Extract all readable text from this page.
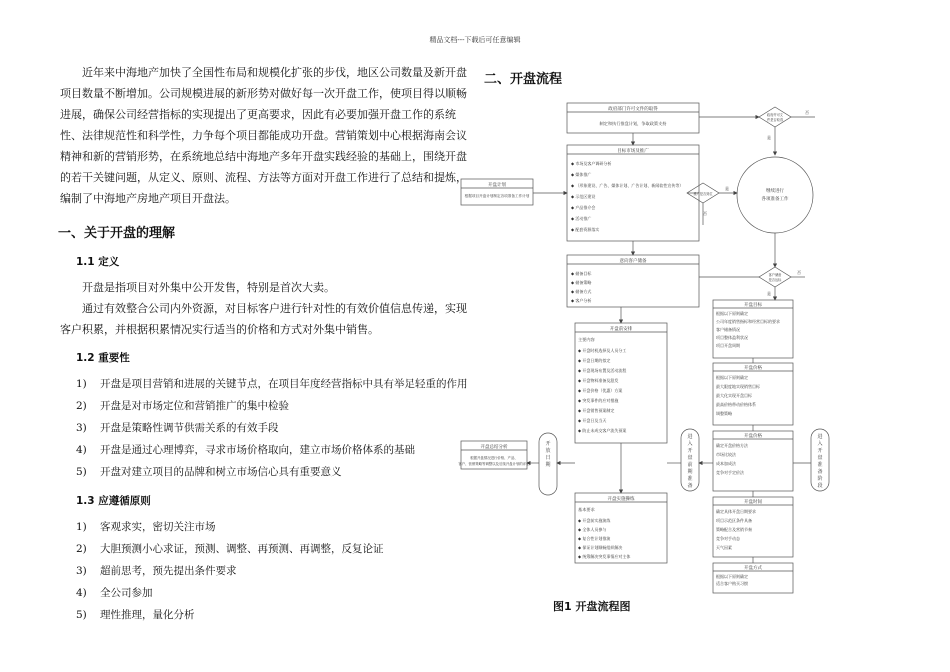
精品文档---下载后可任意编辑

近年来中海地产加快了全国性布局和规模化扩张的步伐，地区公司数量及新开盘项目数量不断增加。公司规模进展的新形势对做好每一次开盘工作，使项目得以顺畅进展，确保公司经营指标的实现提出了更高要求，因此有必要加强开盘工作的系统性、法律规范性和科学性，力争每个项目都能成功开盘。营销策划中心根据海南会议精神和新的营销形势，在系统地总结中海地产多年开盘实践经验的基础上，围绕开盘的若干关键问题，从定义、原则、流程、方法等方面对开盘工作进行了总结和提炼，编制了中海地产房地产项目开盘法。

一、关于开盘的理解
1.1 定义

开盘是指项目对外集中公开发售，特别是首次大卖。

通过有效整合公司内外资源，对目标客户进行针对性的有效价值信息传递，实现客户积累，并根据积累情况实行适当的价格和方式对外集中销售。

1.2 重要性
1) 开盘是项目营销和进展的关键节点，在项目年度经营指标中具有举足轻重的作用
2) 开盘是对市场定位和营销推广的集中检验
3) 开盘是策略性调节供需关系的有效手段
4) 开盘是通过心理博弈，寻求市场价格取向，建立市场价格体系的基础
5) 开盘对建立项目的品牌和树立市场信心具有重要意义
1.3 应遵循原则
1) 客观求实，密切关注市场
2) 大胆预测小心求证，预测、调整、再预测、再调整，反复论证
3) 超前思考，预先提出条件要求
4) 全公司参加
5) 理性推理，量化分析
二、开盘流程
政府部门许可文件的取得
制定和执行推盘计划，争取政策支持
目标市场及推广
◆ 市场及客户调研分析
◆ 媒体推广
◆ （形象建设、广告、媒体计划、广告计划、新闻软性宣传等）
◆ 示范区建设
◆ 产品推介会
◆ 活动推广
◆ 配套资源落实
开盘计划
根据项目开盘计划制定各项准备工作计划
意向客户储备
◆ 储备目标
◆ 储备策略
◆ 储备方式
◆ 客户分析
开盘前安排
主要内容
◆ 开盘时机选择及人员分工
◆ 开盘日期的拟定
◆ 开盘现场布置及活动流程
◆ 开盘物料准备及派发
◆ 开盘价格（优惠）方案
◆ 突发事件的应对措施
◆ 开盘销售预案制定
◆ 开盘日及当天
◆ 防止未成交客户流失预案
开盘总结分析
根据开盘情况进行价格、产品、
客户、营销策略等调整以及后续开盘计划的评估
开盘实施操练
基本要求
◆ 开盘前实施演练
◆ 全体人员参与
◆ 复合性计划推演
◆ 保证计划顺畅组织解决
◆ 统筹解决突发事情应对主体
开
放
日
期
进
入
开
盘
前
期
准
备
进
入
开
盘
准
备
阶
段
开盘目标
根据以下原则确定
公司年度销售指标和经营目标的要求
客户储备情况
项目整体盈利状况
项目开盘周期
开盘价格
根据以下原则确定
最大限度地实现销售目标
最大化实现开盘目标
最高价格带动价格体系
调整策略
开盘价格
确定开盘价格方法
市场比较法
成本加成法
竞争对手定价法
开盘时间
确定具体开盘日期要求
项目示范区条件具备
策略配合及营销节奏
竞争对手动态
天气因素
开盘方式
根据以下原则确定
适合客户购买习惯
政府许可文
件是否取得
推广是否到位
客户储备
是否达标
继续进行
各项准备工作
是
否
是
否
是
否
图1 开盘流程图
